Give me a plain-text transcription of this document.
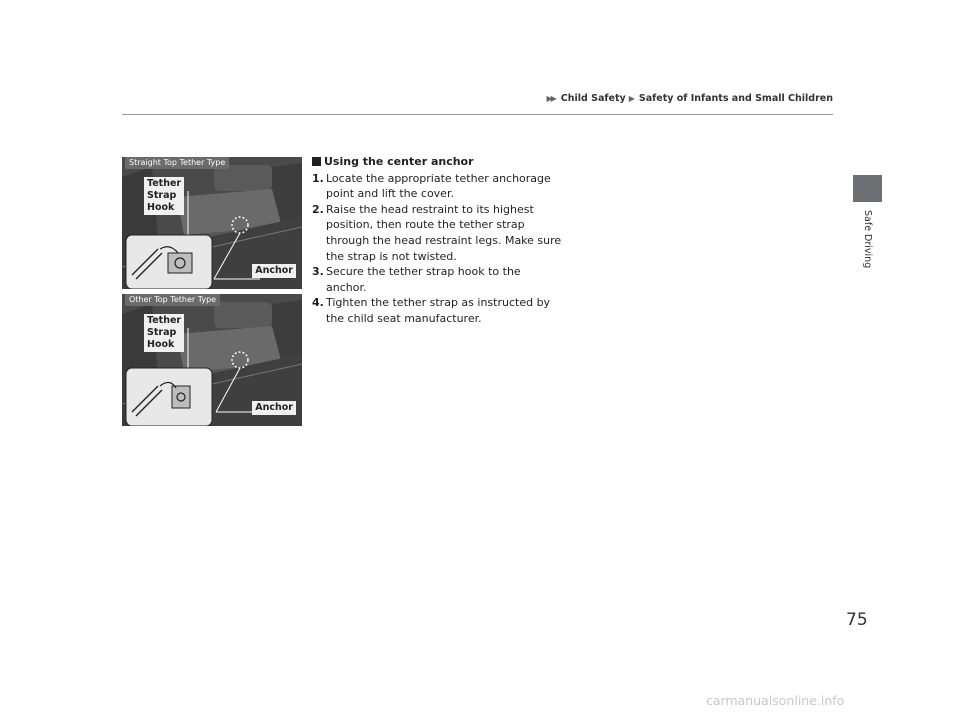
▶▶ Child Safety ▶ Safety of Infants and Small Children
Safe Driving
Straight Top Tether Type
Tether Strap Hook
Anchor
Other Top Tether Type
Tether Strap Hook
Anchor
Using the center anchor
1. Locate the appropriate tether anchorage point and lift the cover.
2. Raise the head restraint to its highest position, then route the tether strap through the head restraint legs. Make sure the strap is not twisted.
3. Secure the tether strap hook to the anchor.
4. Tighten the tether strap as instructed by the child seat manufacturer.
75
carmanualsonline.info
